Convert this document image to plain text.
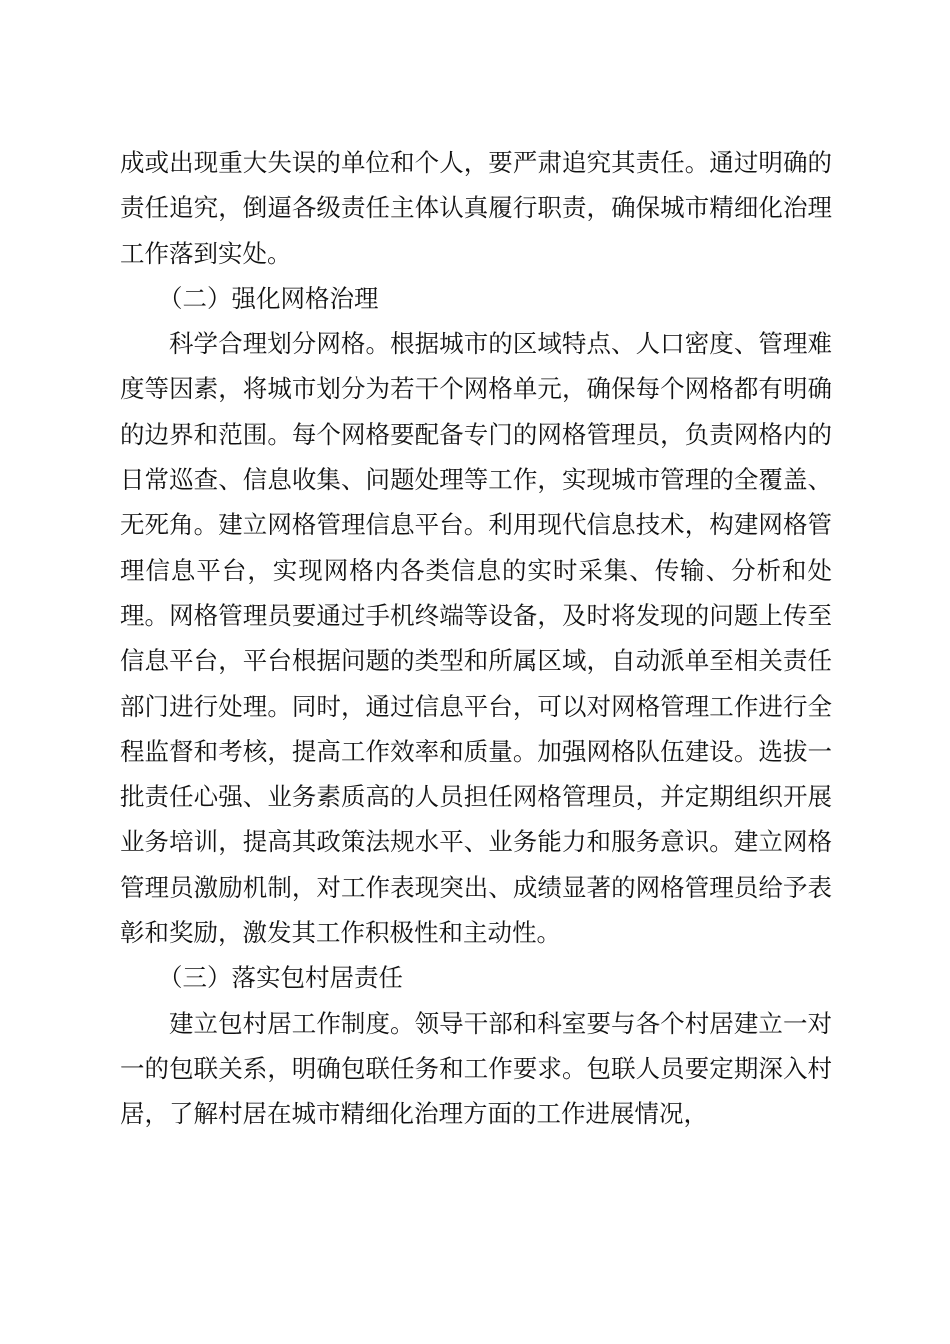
成或出现重大失误的单位和个人，要严肃追究其责任。通过明确的责任追究，倒逼各级责任主体认真履行职责，确保城市精细化治理工作落到实处。

（二）强化网格治理

科学合理划分网格。根据城市的区域特点、人口密度、管理难度等因素，将城市划分为若干个网格单元，确保每个网格都有明确的边界和范围。每个网格要配备专门的网格管理员，负责网格内的日常巡查、信息收集、问题处理等工作，实现城市管理的全覆盖、无死角。建立网格管理信息平台。利用现代信息技术，构建网格管理信息平台，实现网格内各类信息的实时采集、传输、分析和处理。网格管理员要通过手机终端等设备，及时将发现的问题上传至信息平台，平台根据问题的类型和所属区域，自动派单至相关责任部门进行处理。同时，通过信息平台，可以对网格管理工作进行全程监督和考核，提高工作效率和质量。加强网格队伍建设。选拔一批责任心强、业务素质高的人员担任网格管理员，并定期组织开展业务培训，提高其政策法规水平、业务能力和服务意识。建立网格管理员激励机制，对工作表现突出、成绩显著的网格管理员给予表彰和奖励，激发其工作积极性和主动性。

（三）落实包村居责任

建立包村居工作制度。领导干部和科室要与各个村居建立一对一的包联关系，明确包联任务和工作要求。包联人员要定期深入村居，了解村居在城市精细化治理方面的工作进展情况，
